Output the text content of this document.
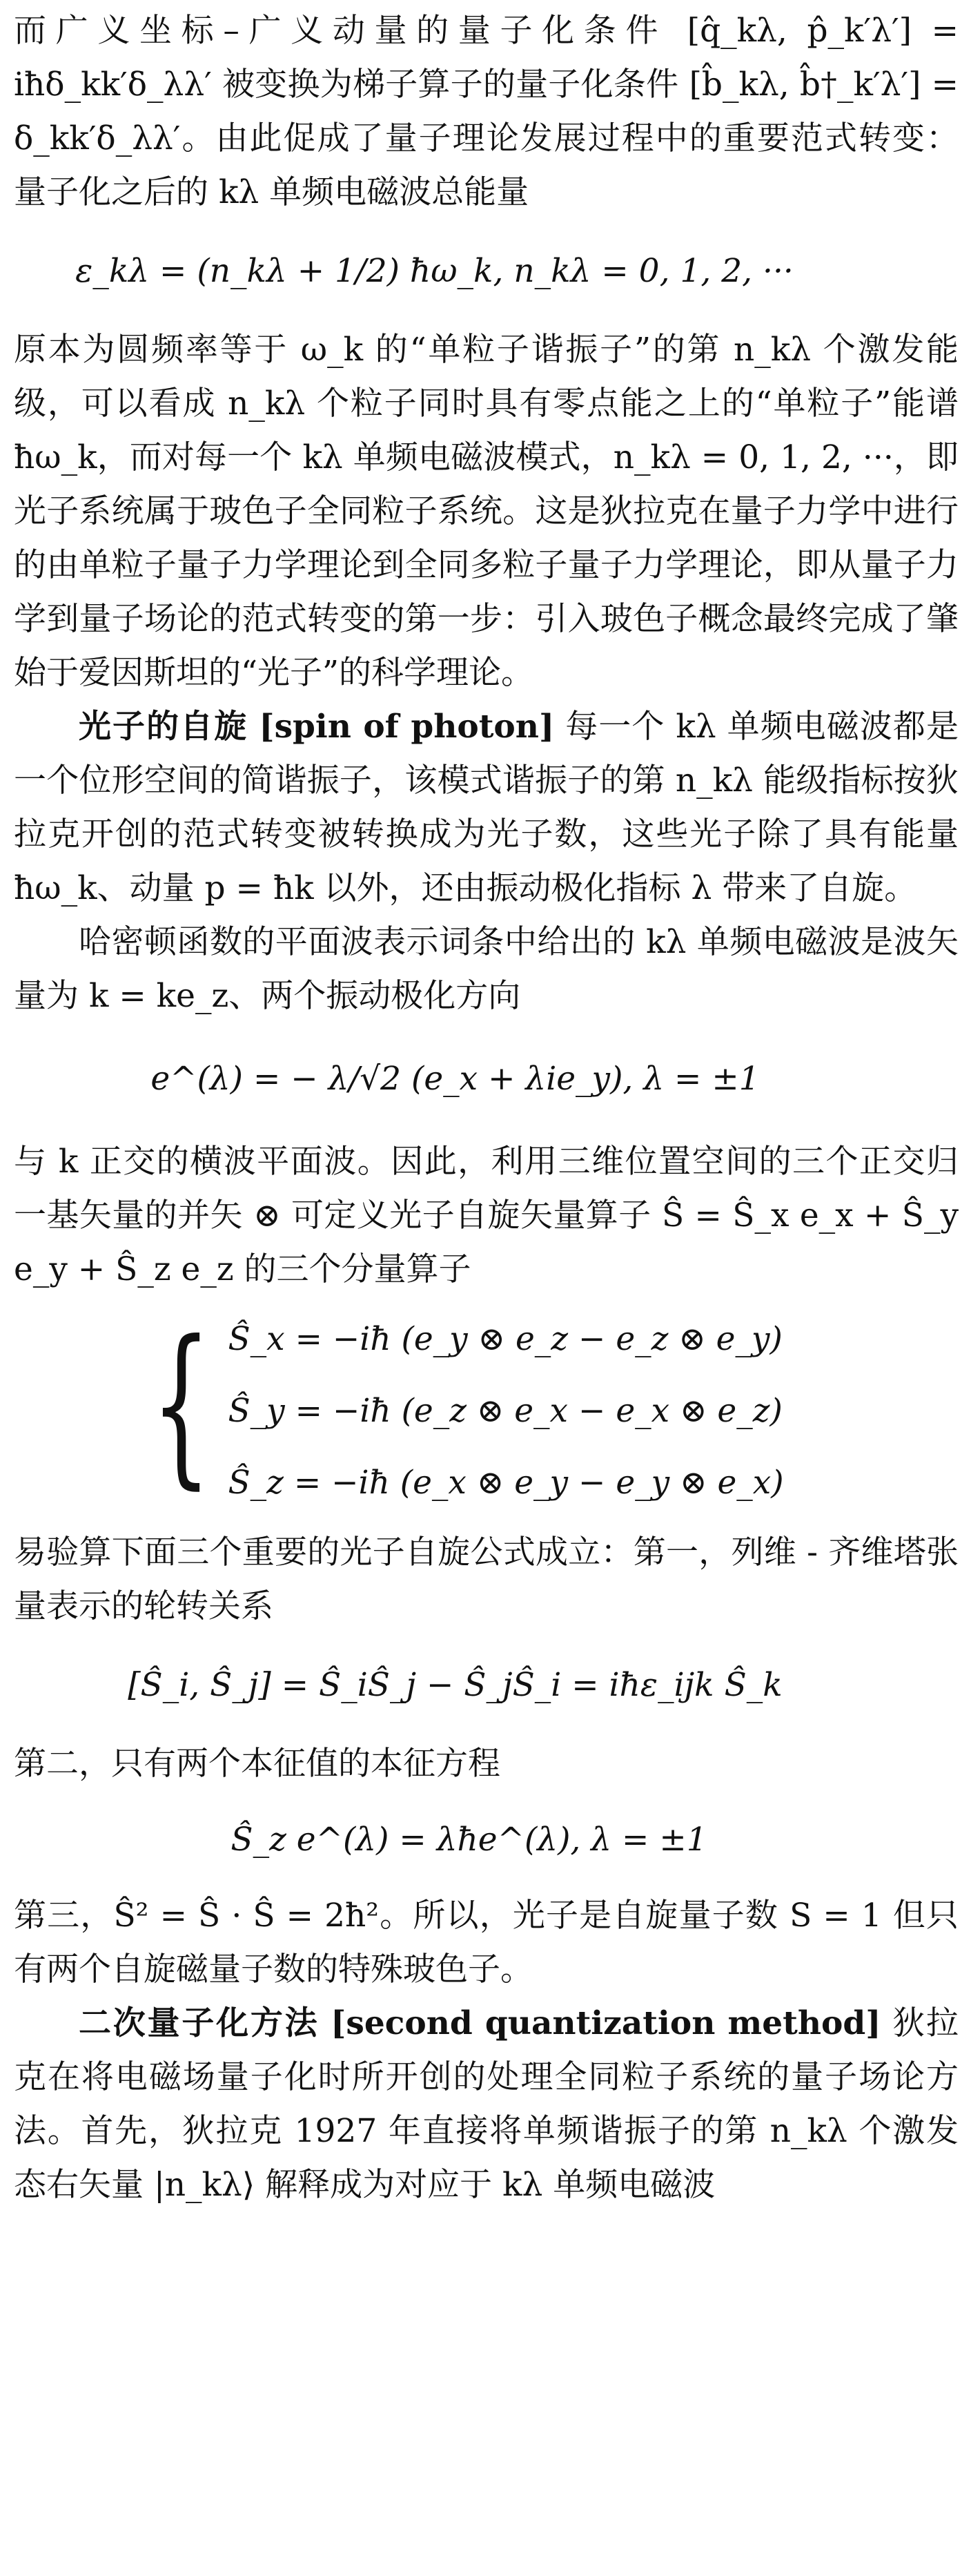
而广义坐标–广义动量的量子化条件 [q̂_kλ, p̂_k′λ′] = iħδ_kk′δ_λλ′ 被变换为梯子算子的量子化条件 [b̂_kλ, b̂†_k′λ′] = δ_kk′δ_λλ′。由此促成了量子理论发展过程中的重要范式转变：量子化之后的 kλ 单频电磁波总能量

ε_kλ = (n_kλ + 1/2) ħω_k, n_kλ = 0, 1, 2, ···

原本为圆频率等于 ω_k 的“单粒子谐振子”的第 n_kλ 个激发能级，可以看成 n_kλ 个粒子同时具有零点能之上的“单粒子”能谱 ħω_k，而对每一个 kλ 单频电磁波模式，n_kλ = 0, 1, 2, ···，即光子系统属于玻色子全同粒子系统。这是狄拉克在量子力学中进行的由单粒子量子力学理论到全同多粒子量子力学理论，即从量子力学到量子场论的范式转变的第一步：引入玻色子概念最终完成了肇始于爱因斯坦的“光子”的科学理论。

光子的自旋 [spin of photon] 每一个 kλ 单频电磁波都是一个位形空间的简谐振子，该模式谐振子的第 n_kλ 能级指标按狄拉克开创的范式转变被转换成为光子数，这些光子除了具有能量 ħω_k、动量 p = ħk 以外，还由振动极化指标 λ 带来了自旋。

哈密顿函数的平面波表示词条中给出的 kλ 单频电磁波是波矢量为 k = ke_z、两个振动极化方向

e^(λ) = − λ/√2 (e_x + λie_y), λ = ±1

与 k 正交的横波平面波。因此，利用三维位置空间的三个正交归一基矢量的并矢 ⊗ 可定义光子自旋矢量算子 Ŝ = Ŝ_x e_x + Ŝ_y e_y + Ŝ_z e_z 的三个分量算子

{ Ŝ_x = −iħ (e_y ⊗ e_z − e_z ⊗ e_y)
Ŝ_y = −iħ (e_z ⊗ e_x − e_x ⊗ e_z)
Ŝ_z = −iħ (e_x ⊗ e_y − e_y ⊗ e_x)

易验算下面三个重要的光子自旋公式成立：第一，列维 - 齐维塔张量表示的轮转关系

[Ŝ_i, Ŝ_j] = Ŝ_iŜ_j − Ŝ_jŜ_i = iħε_ijk Ŝ_k

第二，只有两个本征值的本征方程

Ŝ_z e^(λ) = λħe^(λ), λ = ±1

第三，Ŝ² = Ŝ · Ŝ = 2ħ²。所以，光子是自旋量子数 S = 1 但只有两个自旋磁量子数的特殊玻色子。

二次量子化方法 [second quantization method] 狄拉克在将电磁场量子化时所开创的处理全同粒子系统的量子场论方法。首先，狄拉克 1927 年直接将单频谐振子的第 n_kλ 个激发态右矢量 |n_kλ⟩ 解释成为对应于 kλ 单频电磁波
